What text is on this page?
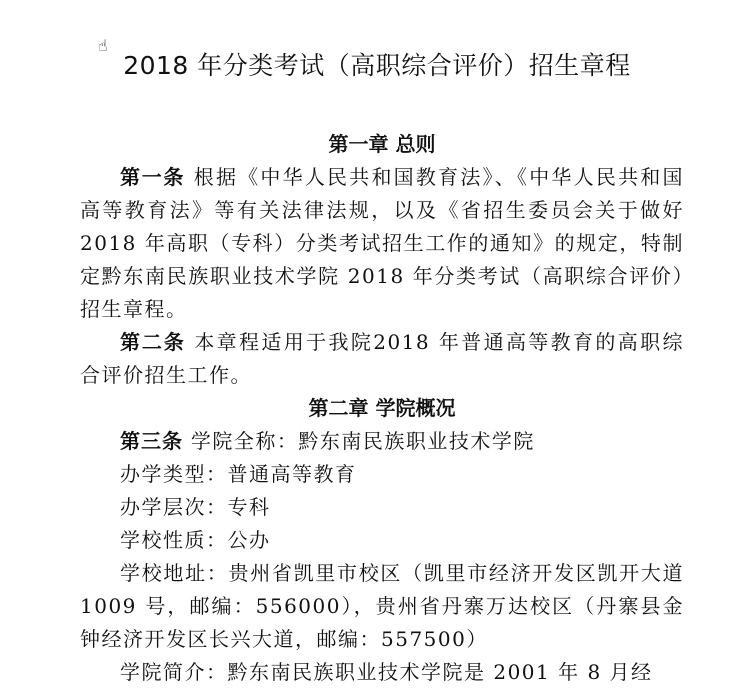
☝
2018 年分类考试（高职综合评价）招生章程
第一章 总则

第一条 根据《中华人民共和国教育法》、《中华人民共和国高等教育法》等有关法律法规，以及《省招生委员会关于做好 2018 年高职（专科）分类考试招生工作的通知》的规定，特制定黔东南民族职业技术学院 2018 年分类考试（高职综合评价）招生章程。

第二条 本章程适用于我院2018 年普通高等教育的高职综合评价招生工作。

第二章 学院概况

第三条 学院全称：黔东南民族职业技术学院

办学类型：普通高等教育

办学层次：专科

学校性质：公办

学校地址：贵州省凯里市校区（凯里市经济开发区凯开大道 1009 号，邮编：556000），贵州省丹寨万达校区（丹寨县金钟经济开发区长兴大道，邮编：557500）

学院简介：黔东南民族职业技术学院是 2001 年 8 月经
